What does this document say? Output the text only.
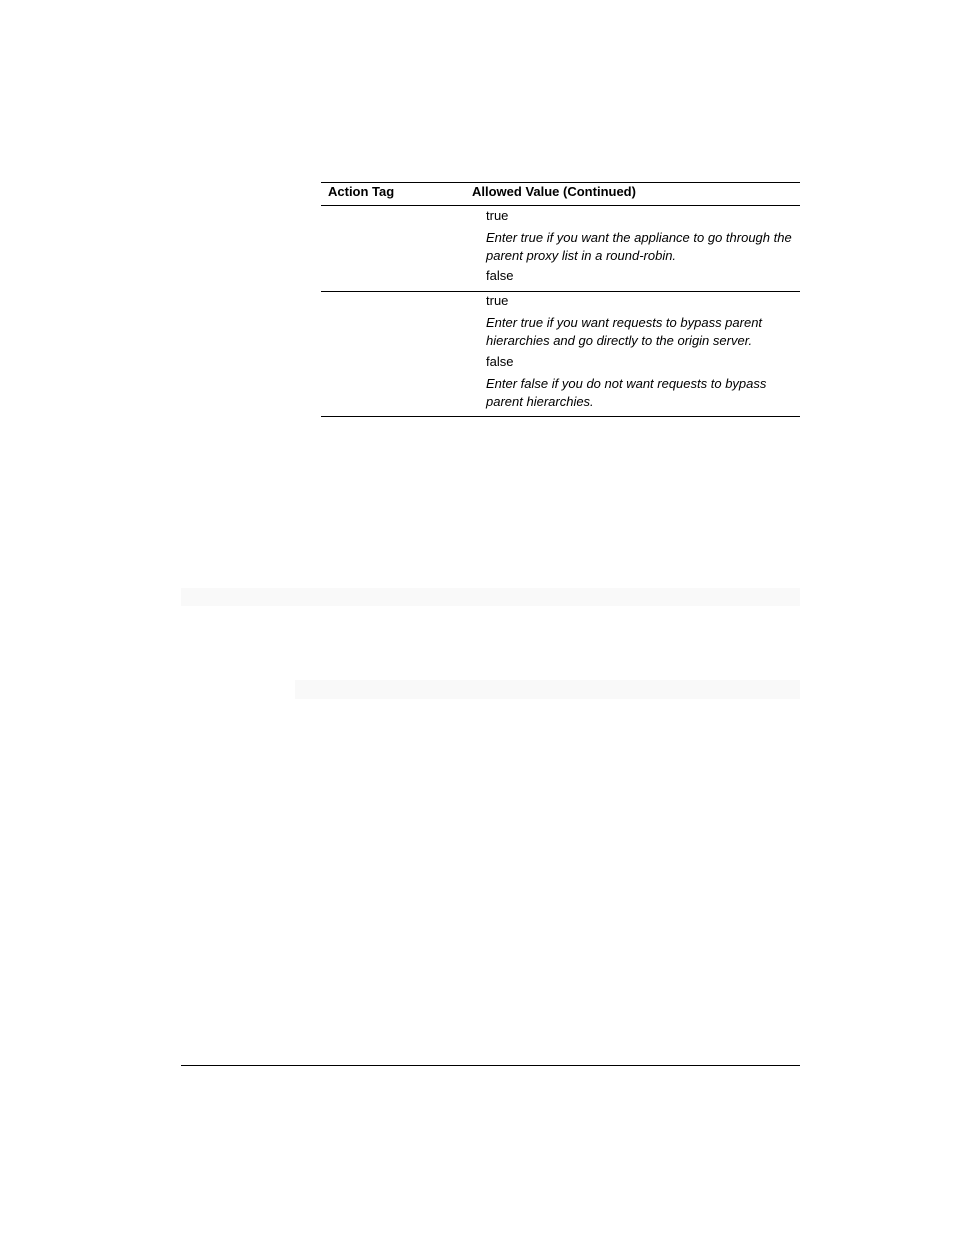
Action Tag	Allowed Value (Continued)
true
Enter true if you want the appliance to go through the parent proxy list in a round-robin.
false
true
Enter true if you want requests to bypass parent hierarchies and go directly to the origin server.
false
Enter false if you do not want requests to bypass parent hierarchies.
